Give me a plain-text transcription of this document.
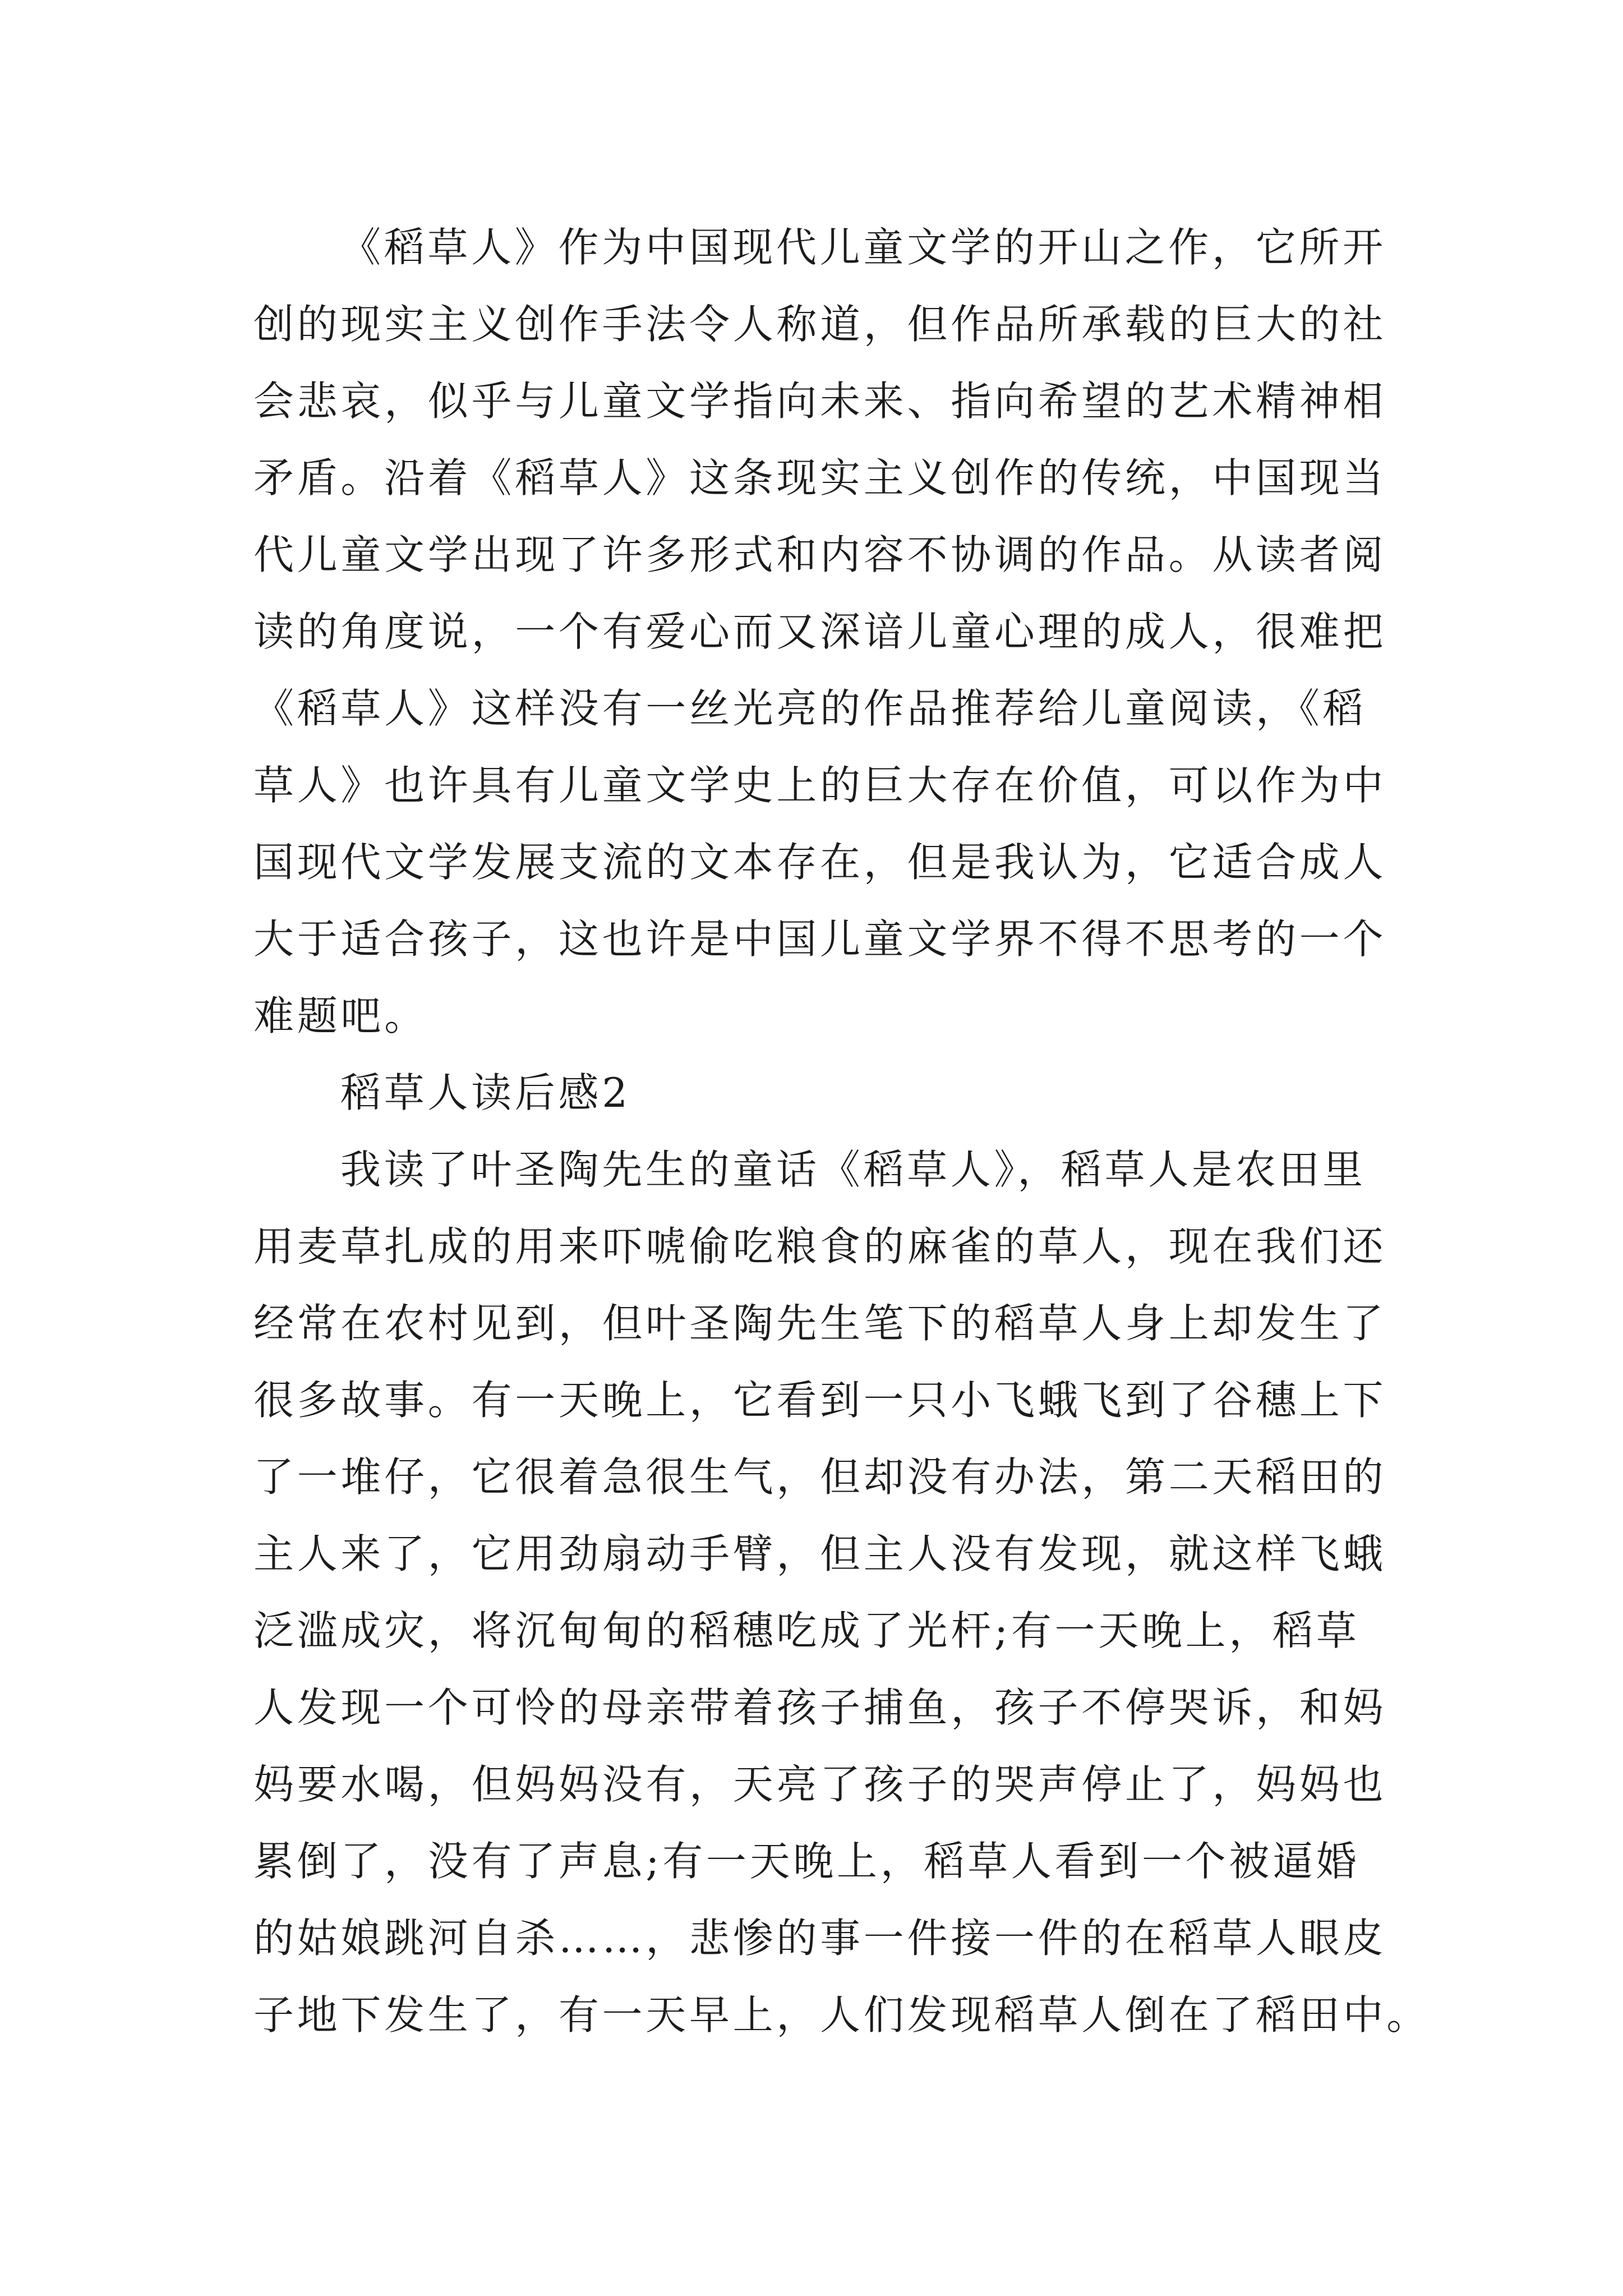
《稻草人》作为中国现代儿童文学的开山之作，它所开
创的现实主义创作手法令人称道，但作品所承载的巨大的社
会悲哀，似乎与儿童文学指向未来、指向希望的艺术精神相
矛盾。沿着《稻草人》这条现实主义创作的传统，中国现当
代儿童文学出现了许多形式和内容不协调的作品。从读者阅
读的角度说，一个有爱心而又深谙儿童心理的成人，很难把
《稻草人》这样没有一丝光亮的作品推荐给儿童阅读，《稻
草人》也许具有儿童文学史上的巨大存在价值，可以作为中
国现代文学发展支流的文本存在，但是我认为，它适合成人
大于适合孩子，这也许是中国儿童文学界不得不思考的一个
难题吧。
稻草人读后感2
我读了叶圣陶先生的童话《稻草人》，稻草人是农田里
用麦草扎成的用来吓唬偷吃粮食的麻雀的草人，现在我们还
经常在农村见到，但叶圣陶先生笔下的稻草人身上却发生了
很多故事。有一天晚上，它看到一只小飞蛾飞到了谷穗上下
了一堆仔，它很着急很生气，但却没有办法，第二天稻田的
主人来了，它用劲扇动手臂，但主人没有发现，就这样飞蛾
泛滥成灾，将沉甸甸的稻穗吃成了光杆;有一天晚上，稻草
人发现一个可怜的母亲带着孩子捕鱼，孩子不停哭诉，和妈
妈要水喝，但妈妈没有，天亮了孩子的哭声停止了，妈妈也
累倒了，没有了声息;有一天晚上，稻草人看到一个被逼婚
的姑娘跳河自杀……，悲惨的事一件接一件的在稻草人眼皮
子地下发生了，有一天早上，人们发现稻草人倒在了稻田中。
